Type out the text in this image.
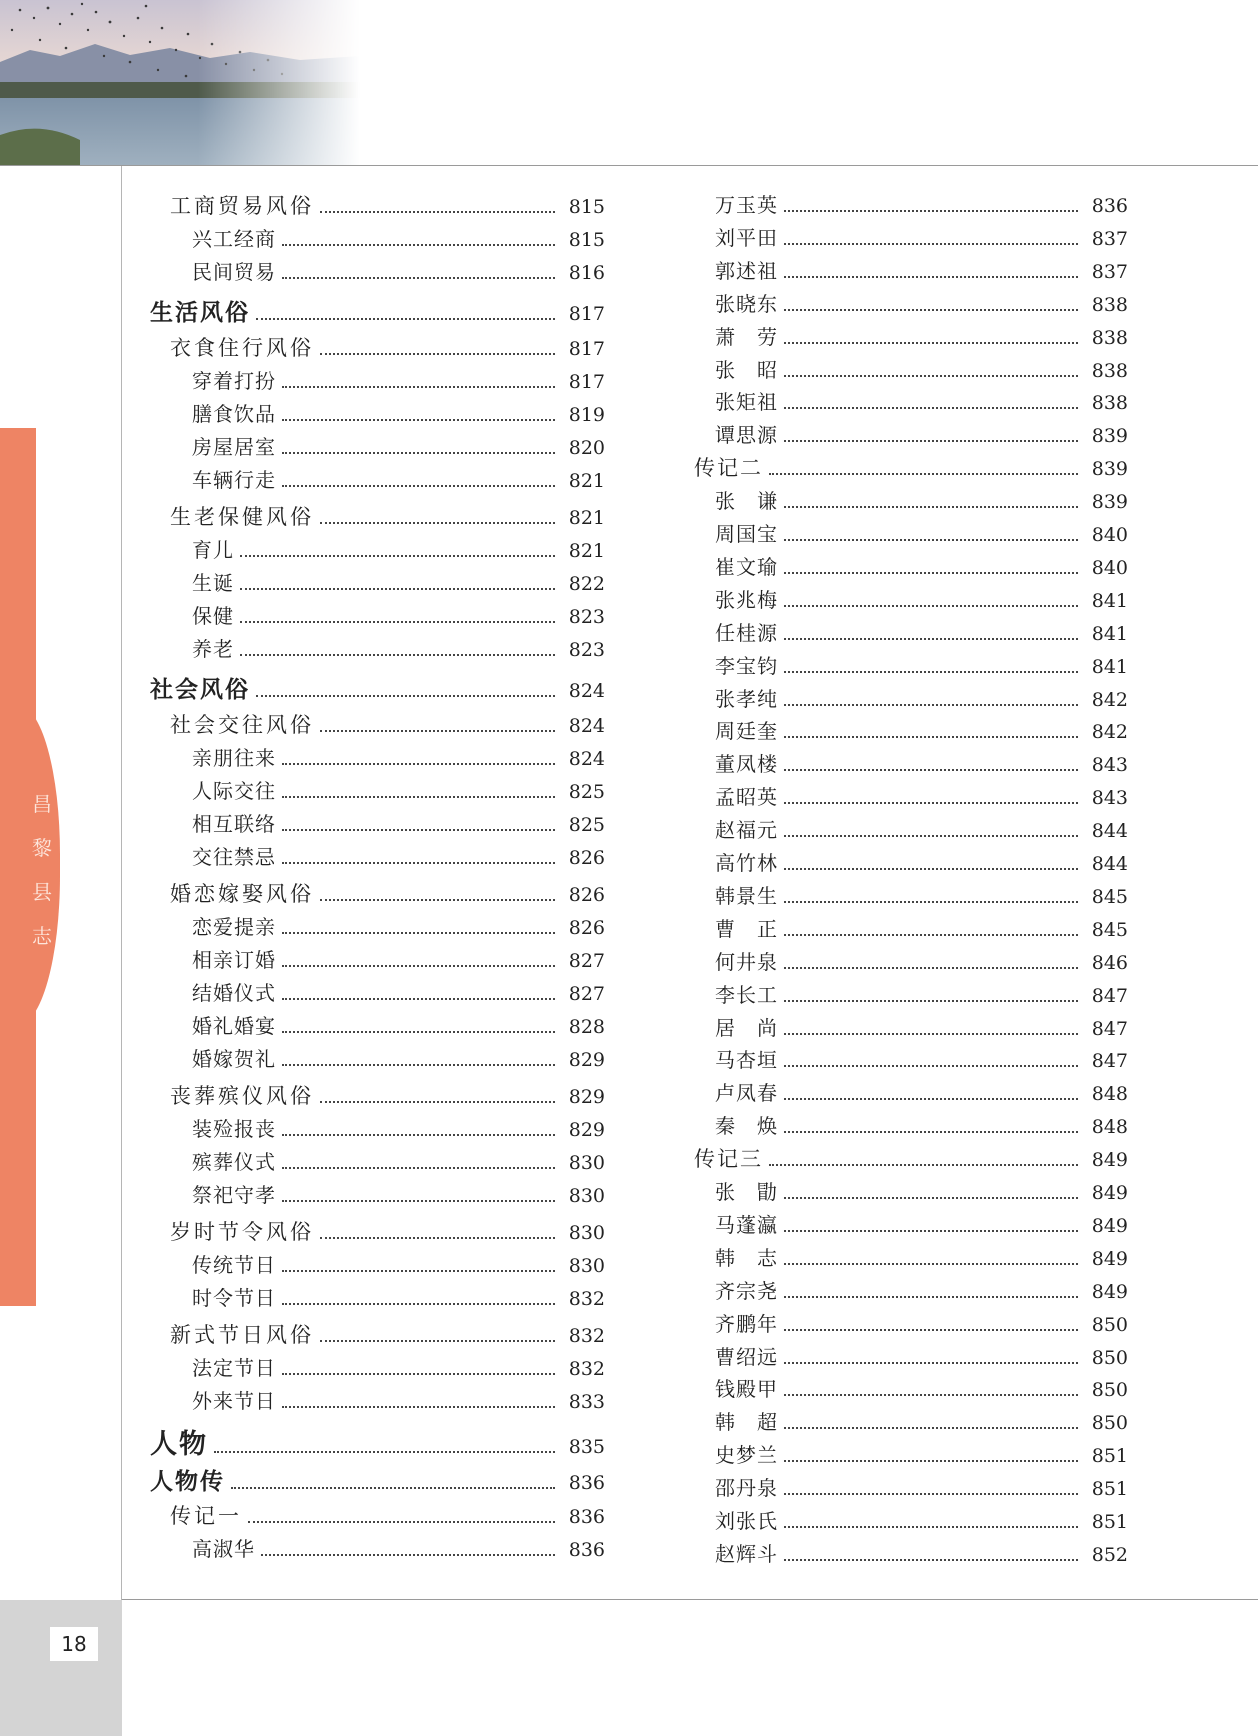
昌
黎
县
志
工商贸易风俗	815
兴工经商	815
民间贸易	816
生活风俗	817
衣食住行风俗	817
穿着打扮	817
膳食饮品	819
房屋居室	820
车辆行走	821
生老保健风俗	821
育儿	821
生诞	822
保健	823
养老	823
社会风俗	824
社会交往风俗	824
亲朋往来	824
人际交往	825
相互联络	825
交往禁忌	826
婚恋嫁娶风俗	826
恋爱提亲	826
相亲订婚	827
结婚仪式	827
婚礼婚宴	828
婚嫁贺礼	829
丧葬殡仪风俗	829
装殓报丧	829
殡葬仪式	830
祭祀守孝	830
岁时节令风俗	830
传统节日	830
时令节日	832
新式节日风俗	832
法定节日	832
外来节日	833
人物	835
人物传	836
传记一	836
高淑华	836
万玉英	836
刘平田	837
郭述祖	837
张晓东	838
萧　劳	838
张　昭	838
张矩祖	838
谭思源	839
传记二	839
张　谦	839
周国宝	840
崔文瑜	840
张兆梅	841
任桂源	841
李宝钧	841
张孝纯	842
周廷奎	842
董凤楼	843
孟昭英	843
赵福元	844
高竹林	844
韩景生	845
曹　正	845
何井泉	846
李长工	847
居　尚	847
马杏垣	847
卢凤春	848
秦　焕	848
传记三	849
张　勖	849
马蓬瀛	849
韩　志	849
齐宗尧	849
齐鹏年	850
曹绍远	850
钱殿甲	850
韩　超	850
史梦兰	851
邵丹泉	851
刘张氏	851
赵辉斗	852
18
